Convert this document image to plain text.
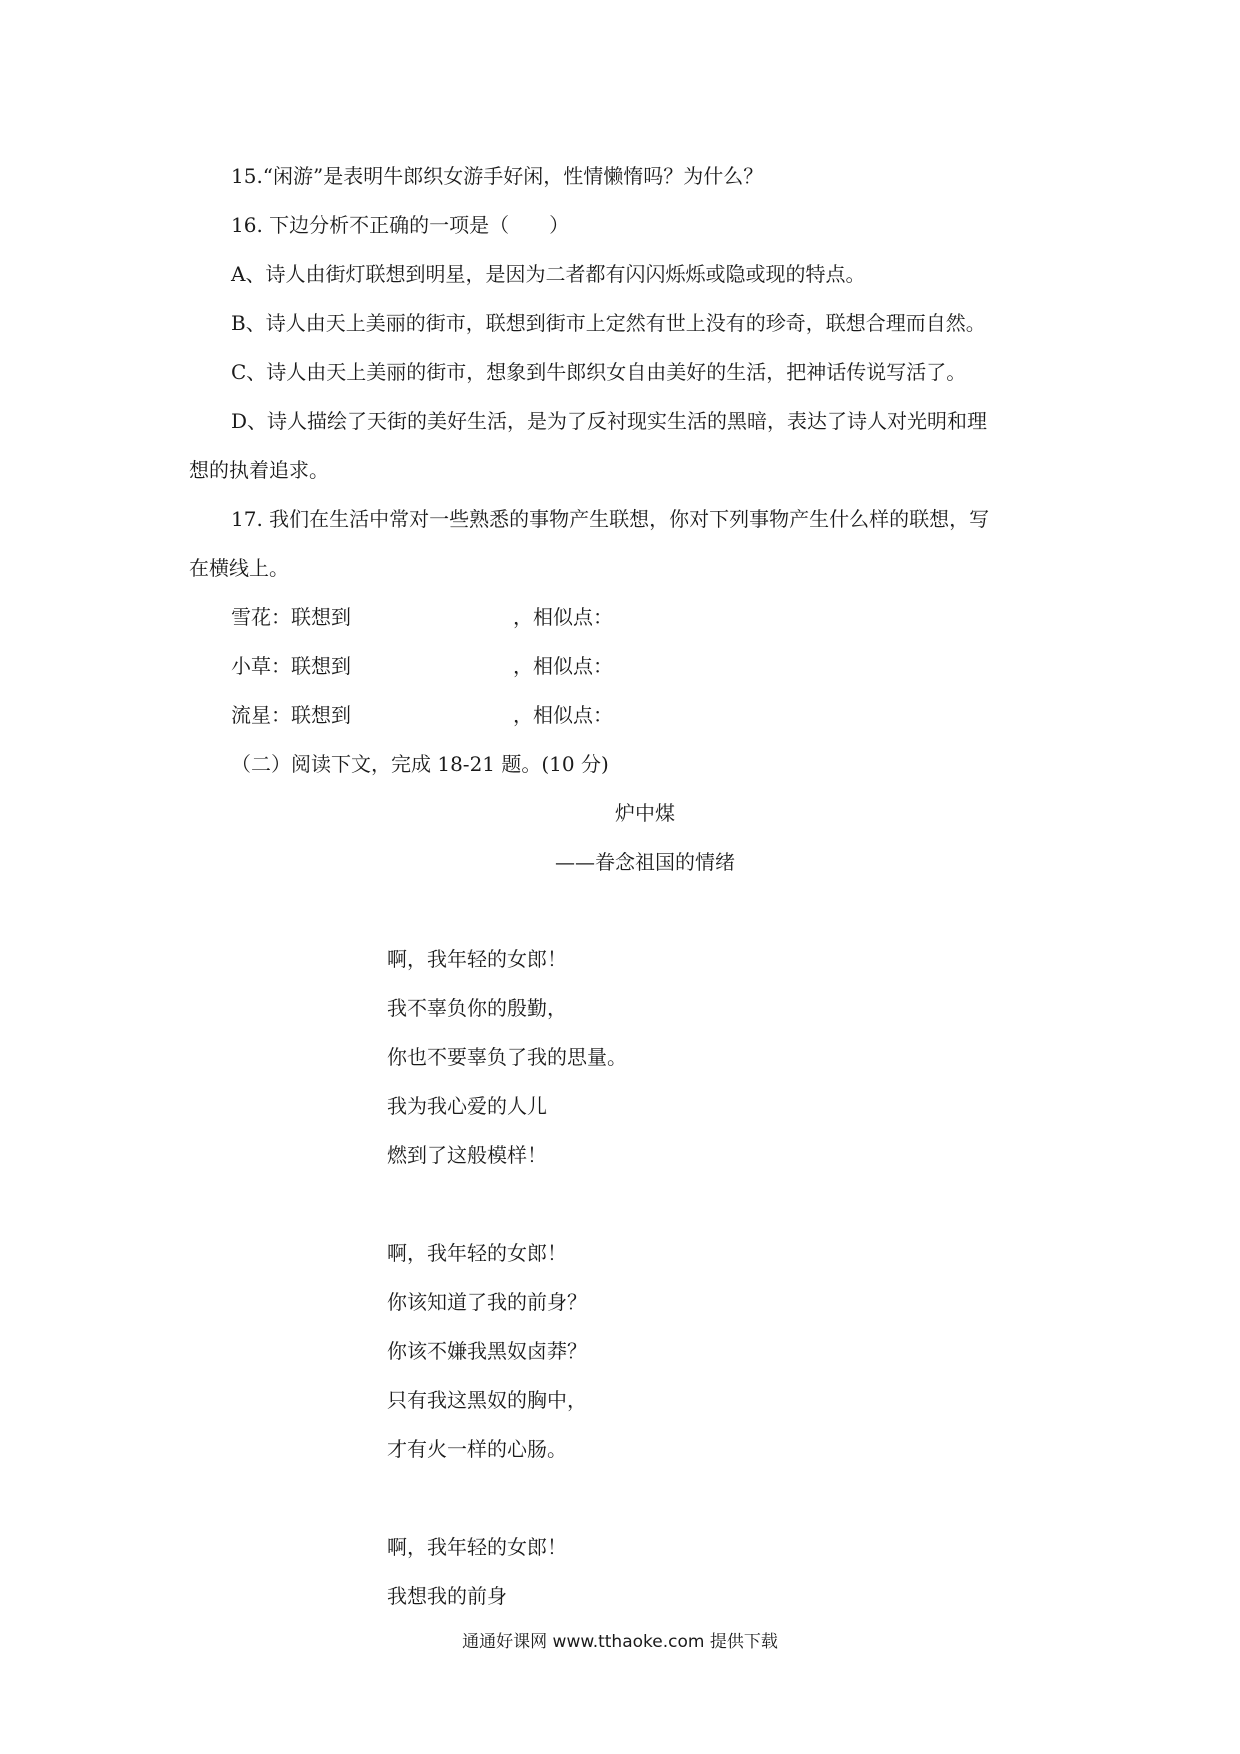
15.“闲游”是表明牛郎织女游手好闲，性情懒惰吗？为什么？
16. 下边分析不正确的一项是（　　）
A、诗人由街灯联想到明星，是因为二者都有闪闪烁烁或隐或现的特点。
B、诗人由天上美丽的街市，联想到街市上定然有世上没有的珍奇，联想合理而自然。
C、诗人由天上美丽的街市，想象到牛郎织女自由美好的生活，把神话传说写活了。
D、诗人描绘了天街的美好生活，是为了反衬现实生活的黑暗，表达了诗人对光明和理
想的执着追求。
17. 我们在生活中常对一些熟悉的事物产生联想，你对下列事物产生什么样的联想，写
在横线上。
雪花：联想到	，相似点：
小草：联想到	，相似点：
流星：联想到	，相似点：
（二）阅读下文，完成 18-21 题。(10 分)
炉中煤
——眷念祖国的情绪
啊，我年轻的女郎！
我不辜负你的殷勤，
你也不要辜负了我的思量。
我为我心爱的人儿
燃到了这般模样！
啊，我年轻的女郎！
你该知道了我的前身？
你该不嫌我黑奴卤莽？
只有我这黑奴的胸中，
才有火一样的心肠。
啊，我年轻的女郎！
我想我的前身
通通好课网 www.tthaoke.com 提供下载
